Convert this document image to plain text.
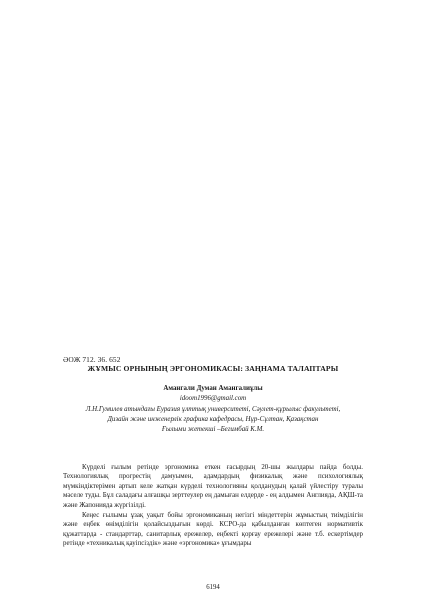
ӘОЖ 712. 36. 652
ЖҰМЫС ОРНЫНЫҢ ЭРГОНОМИКАСЫ: ЗАҢНАМА ТАЛАПТАРЫ
Амангали Думан Амангалиұлы
idoom1996@gmail.com
Л.Н.Гумилев атындағы Еуразия ұлттық университеті, Сәулет-құрылыс факультеті,
Дизайн және инженерлік графика кафедрасы, Нұр-Сұлтан, Қазақстан
Ғылыми жетекші –Бегимбай К.М.

Күрделі ғылым ретінде эргономика еткен ғасырдың 20-шы жылдары пайда болды. Технологиялық прогрестің дамуымен, адамдардың физикалық және психологиялық мүмкіндіктерімен артып келе жатқан күрделі технологияны қолданудың қалай үйлестіру туралы мәселе туды. Бұл саладағы алғашқы зерттеулер ең дамыған елдерде - ең алдымен Англияда, АҚШ-та және Жапонияда жүргізілді.

Кеңес ғылымы ұзақ уақыт бойы эргономиканың негізгі міндеттерін жұмыстың тиімділігін және еңбек өнімділігін қолайсыздығын көрді. КСРО-да қабылданған көптеген нормативтік құжаттарда - стандарттар, санитарлық ережелер, еңбекті қорғау ережелері және т.б. ескертімдер ретінде «техникалық қауіпсіздік» және «эргономика» ұғымдары

6194
